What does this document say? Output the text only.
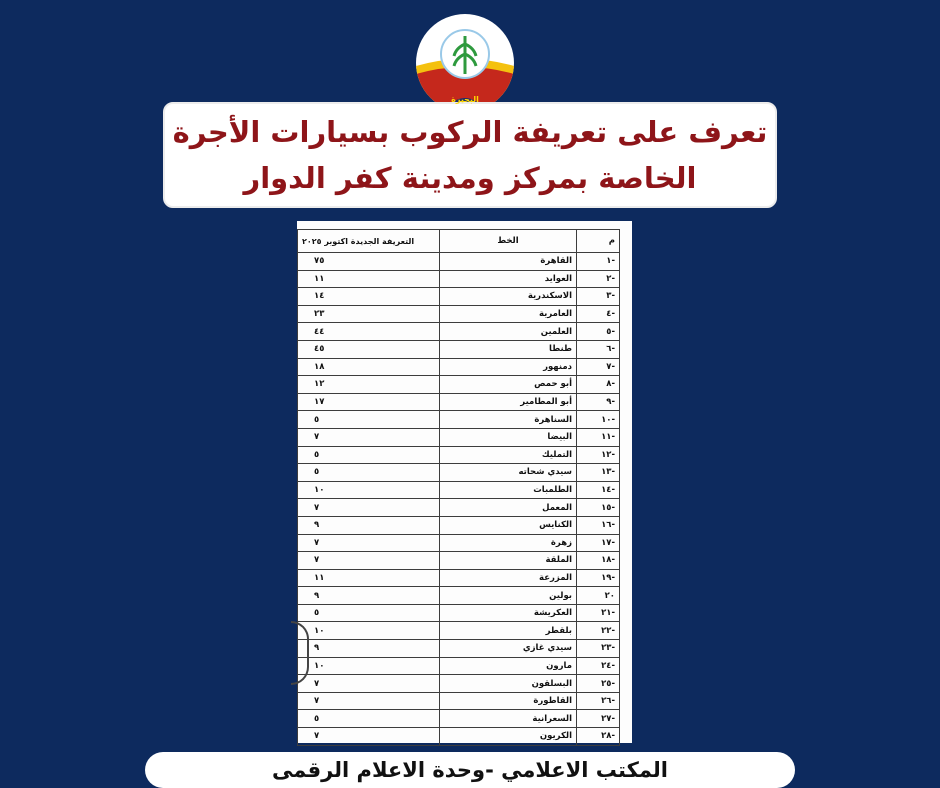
البحيرة
تعرف على تعريفة الركوب بسيارات الأجرة
الخاصة بمركز ومدينة كفر الدوار
م	الخط	التعريفة الجديدة اكتوبر ٢٠٢٥
-١	القاهرة	٧٥
-٢	العوايد	١١
-٣	الاسكندرية	١٤
-٤	العامرية	٢٣
-٥	العلمين	٤٤
-٦	طنطا	٤٥
-٧	دمنهور	١٨
-٨	أبو حمص	١٢
-٩	أبو المطامير	١٧
-١٠	السناهرة	٥
-١١	البيضا	٧
-١٢	التمليك	٥
-١٣	سيدي شحاته	٥
-١٤	الطلمبات	١٠
-١٥	المعمل	٧
-١٦	الكنايس	٩
-١٧	زهرة	٧
-١٨	الملقة	٧
-١٩	المزرعة	١١
٢٠	بولين	٩
-٢١	العكريشة	٥
-٢٢	بلقطر	١٠
-٢٣	سيدي غازي	٩
-٢٤	مارون	١٠
-٢٥	البسلقون	٧
-٢٦	القاطورة	٧
-٢٧	السعرانية	٥
-٢٨	الكريون	٧
المكتب الاعلامي -وحدة الاعلام الرقمى
